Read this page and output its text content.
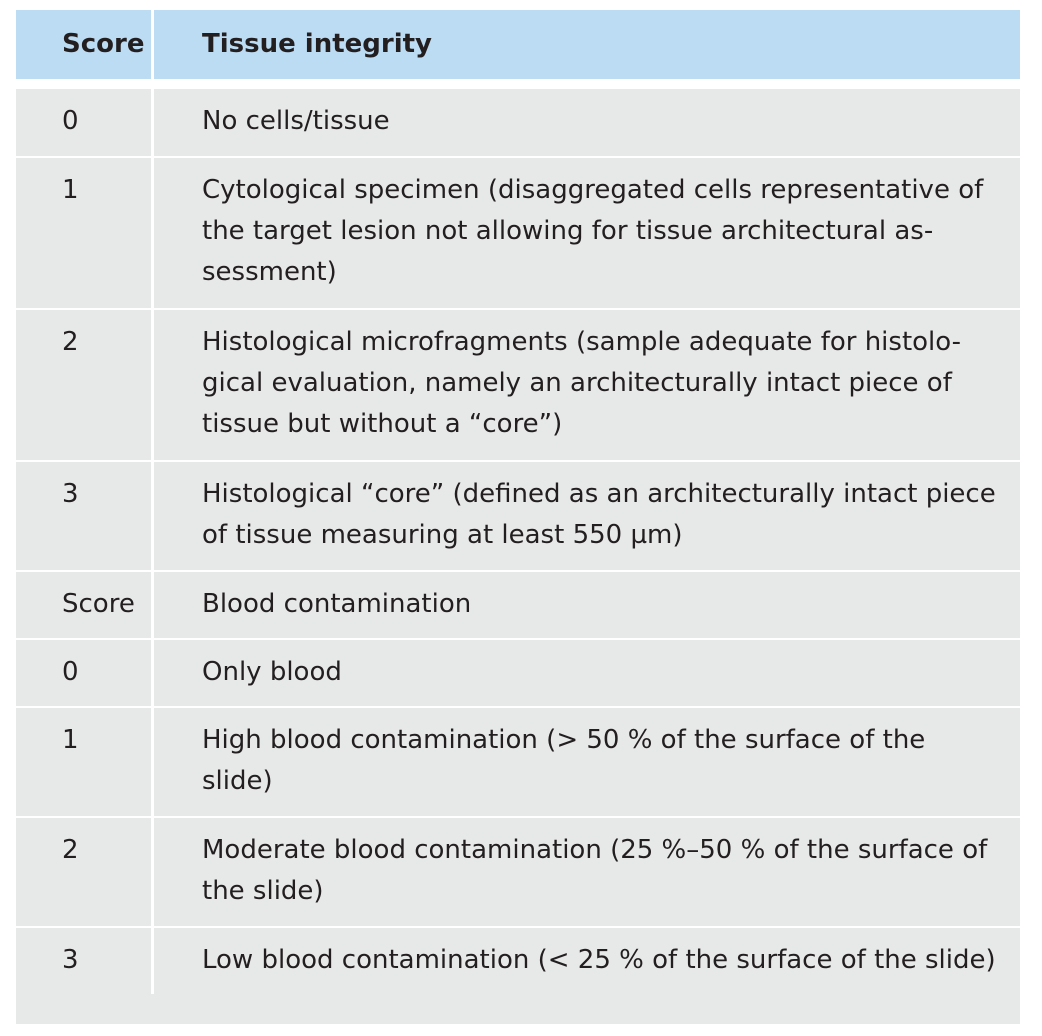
Score	Tissue integrity
0	No cells/tissue
1	Cytological specimen (disaggregated cells representative of the target lesion not allowing for tissue architectural as-sessment)
2	Histological microfragments (sample adequate for histolo-gical evaluation, namely an architecturally intact piece of tissue but without a “core”)
3	Histological “core” (defined as an architecturally intact piece of tissue measuring at least 550 µm)
Score	Blood contamination
0	Only blood
1	High blood contamination (> 50 % of the surface of the slide)
2	Moderate blood contamination (25 %–50 % of the surface of the slide)
3	Low blood contamination (< 25 % of the surface of the slide)
